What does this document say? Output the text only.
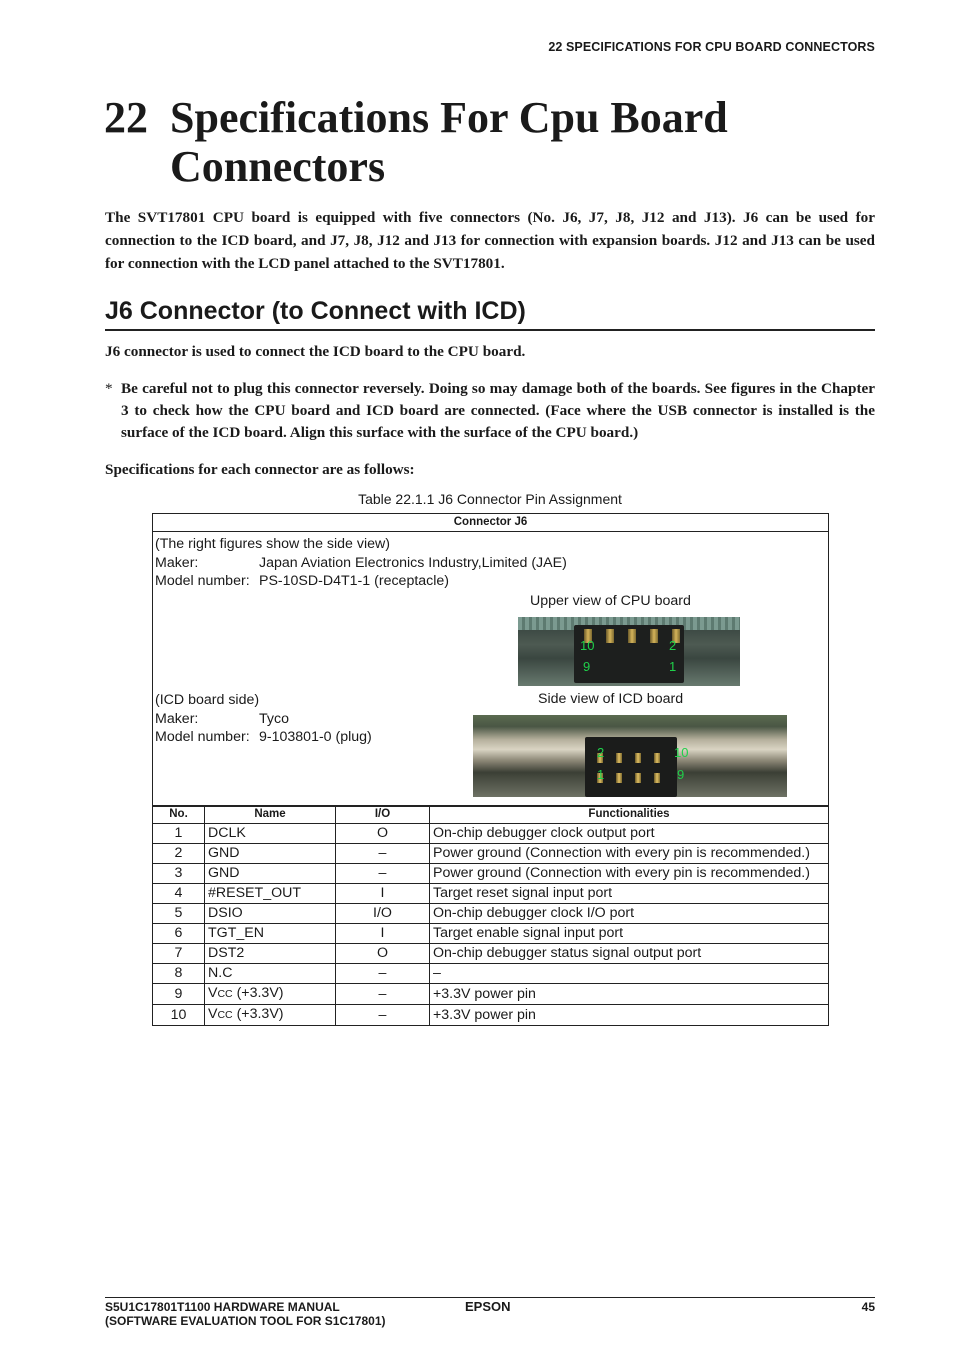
22 SPECIFICATIONS FOR CPU BOARD CONNECTORS
22 Specifications For Cpu Board
Connectors

The SVT17801 CPU board is equipped with five connectors (No. J6, J7, J8, J12 and J13). J6 can be used for connection to the ICD board, and J7, J8, J12 and J13 for connection with expansion boards. J12 and J13 can be used for connection with the LCD panel attached to the SVT17801.

J6 Connector (to Connect with ICD)

J6 connector is used to connect the ICD board to the CPU board.

* Be careful not to plug this connector reversely. Doing so may damage both of the boards. See figures in the Chapter 3 to check how the CPU board and ICD board are connected. (Face where the USB connector is installed is the surface of the ICD board. Align this surface with the surface of the CPU board.)

Specifications for each connector are as follows:

Table 22.1.1 J6 Connector Pin Assignment
Connector J6
(The right figures show the side view)
Maker:	Japan Aviation Electronics Industry,Limited (JAE)
Model number: PS-10SD-D4T1-1 (receptacle)
Upper view of CPU board
10	2
9	1
(ICD board side)
Maker:	Tyco
Model number: 9-103801-0 (plug)
Side view of ICD board
2	10
1	9
No.	Name	I/O	Functionalities
1	DCLK	O	On-chip debugger clock output port
2	GND	–	Power ground (Connection with every pin is recommended.)
3	GND	–	Power ground (Connection with every pin is recommended.)
4	#RESET_OUT	I	Target reset signal input port
5	DSIO	I/O	On-chip debugger clock I/O port
6	TGT_EN	I	Target enable signal input port
7	DST2	O	On-chip debugger status signal output port
8	N.C	–	–
9	VCC (+3.3V)	–	+3.3V power pin
10	VCC (+3.3V)	–	+3.3V power pin
S5U1C17801T1100 HARDWARE MANUAL
(SOFTWARE EVALUATION TOOL FOR S1C17801)
EPSON	45
